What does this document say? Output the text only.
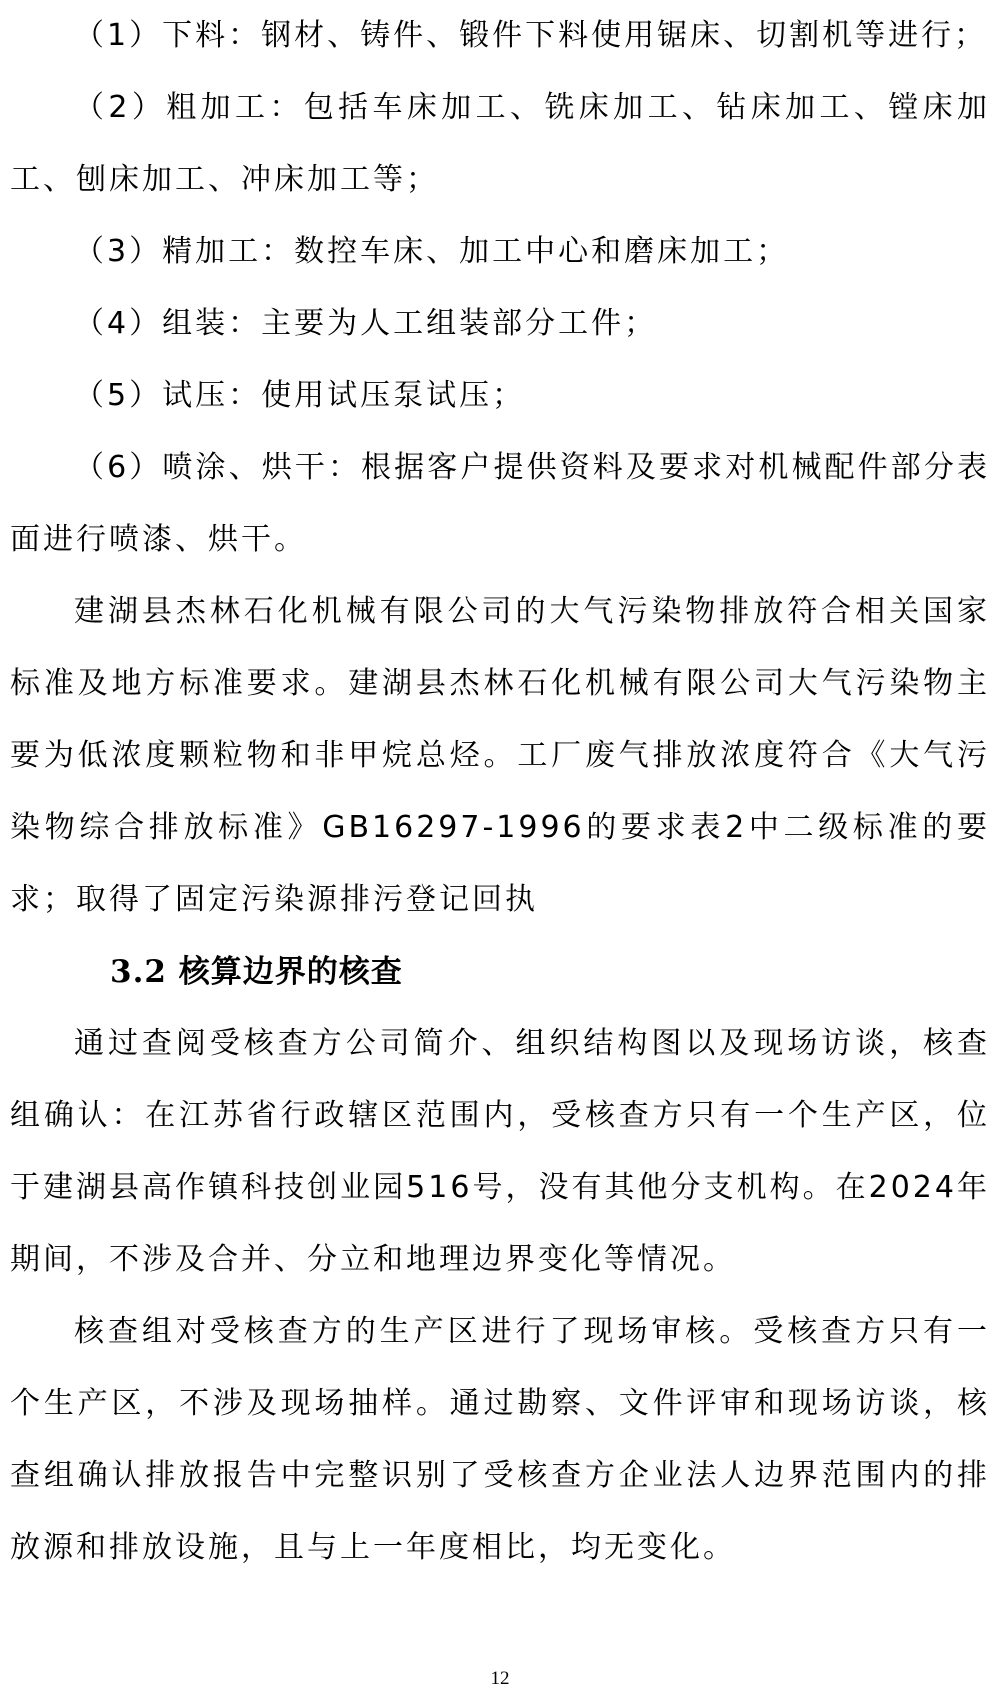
（1）下料：钢材、铸件、锻件下料使用锯床、切割机等进行；

（2）粗加工：包括车床加工、铣床加工、钻床加工、镗床加工、刨床加工、冲床加工等；

（3）精加工：数控车床、加工中心和磨床加工；

（4）组装：主要为人工组装部分工件；

（5）试压：使用试压泵试压；

（6）喷涂、烘干：根据客户提供资料及要求对机械配件部分表面进行喷漆、烘干。

建湖县杰林石化机械有限公司的大气污染物排放符合相关国家标准及地方标准要求。建湖县杰林石化机械有限公司大气污染物主要为低浓度颗粒物和非甲烷总烃。工厂废气排放浓度符合《大气污染物综合排放标准》GB16297-1996的要求表2中二级标准的要求；取得了固定污染源排污登记回执

3.2 核算边界的核查

通过查阅受核查方公司简介、组织结构图以及现场访谈，核查组确认：在江苏省行政辖区范围内，受核查方只有一个生产区，位于建湖县高作镇科技创业园516号，没有其他分支机构。在2024年期间，不涉及合并、分立和地理边界变化等情况。

核查组对受核查方的生产区进行了现场审核。受核查方只有一个生产区，不涉及现场抽样。通过勘察、文件评审和现场访谈，核查组确认排放报告中完整识别了受核查方企业法人边界范围内的排放源和排放设施，且与上一年度相比，均无变化。

12
